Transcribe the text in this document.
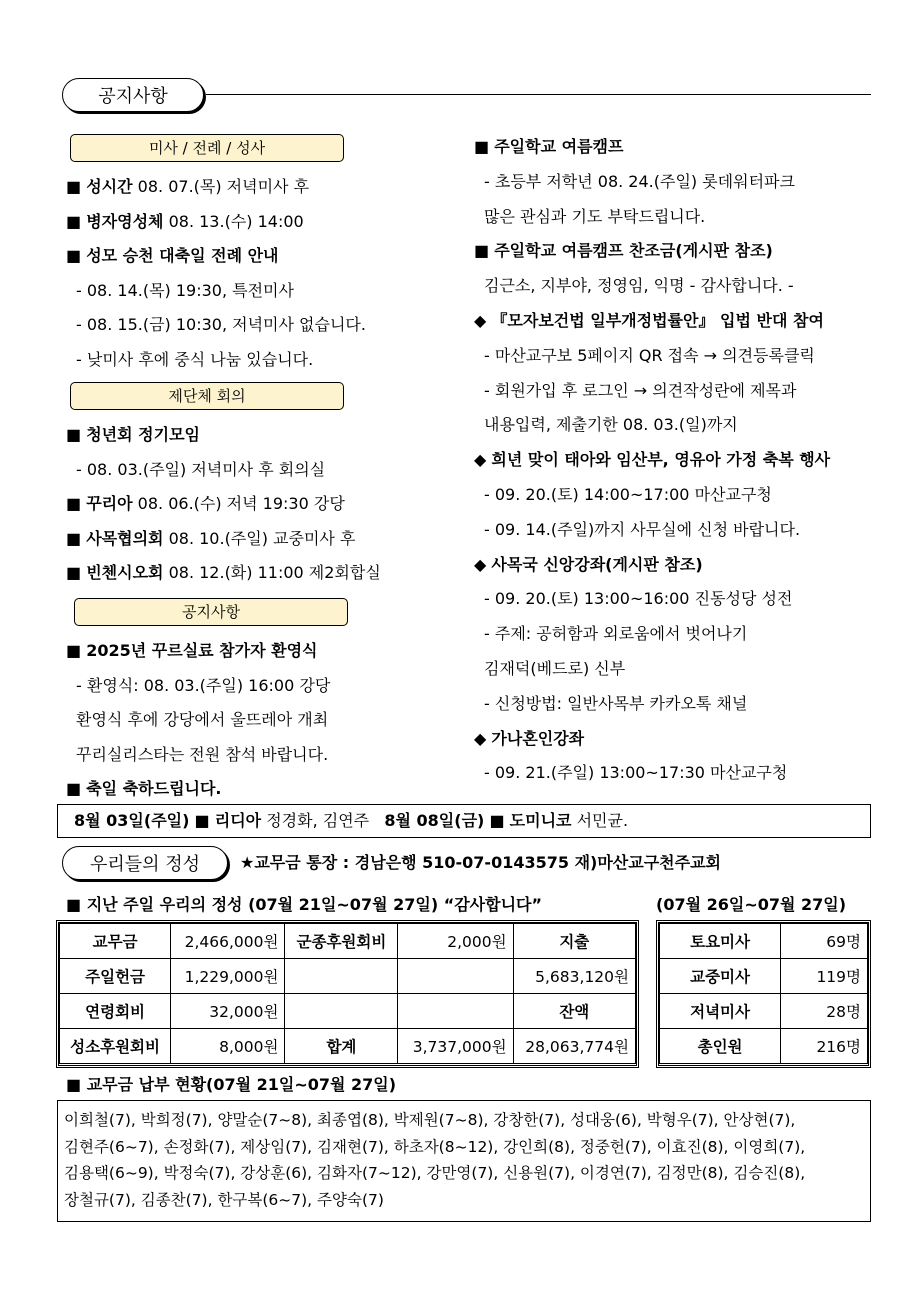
공지사항
미사 / 전례 / 성사
■ 성시간 08. 07.(목) 저녁미사 후
■ 병자영성체 08. 13.(수) 14:00
■ 성모 승천 대축일 전례 안내
- 08. 14.(목) 19:30, 특전미사
- 08. 15.(금) 10:30, 저녁미사 없습니다.
- 낮미사 후에 중식 나눔 있습니다.
제단체 회의
■ 청년회 정기모임
- 08. 03.(주일) 저녁미사 후 회의실
■ 꾸리아 08. 06.(수) 저녁 19:30 강당
■ 사목협의회 08. 10.(주일) 교중미사 후
■ 빈첸시오회 08. 12.(화) 11:00 제2회합실
공지사항
■ 2025년 꾸르실료 참가자 환영식
- 환영식: 08. 03.(주일) 16:00 강당
환영식 후에 강당에서 울뜨레아 개최
꾸리실리스타는 전원 참석 바랍니다.
■ 축일 축하드립니다.
■ 주일학교 여름캠프
- 초등부 저학년 08. 24.(주일) 롯데워터파크
많은 관심과 기도 부탁드립니다.
■ 주일학교 여름캠프 찬조금(게시판 참조)
김근소, 지부야, 정영임, 익명 - 감사합니다. -
◆ 『모자보건법 일부개정법률안』 입법 반대 참여
- 마산교구보 5페이지 QR 접속 → 의견등록클릭
- 회원가입 후 로그인 → 의견작성란에 제목과
내용입력, 제출기한 08. 03.(일)까지
◆ 희년 맞이 태아와 임산부, 영유아 가정 축복 행사
- 09. 20.(토) 14:00~17:00 마산교구청
- 09. 14.(주일)까지 사무실에 신청 바랍니다.
◆ 사목국 신앙강좌(게시판 참조)
- 09. 20.(토) 13:00~16:00 진동성당 성전
- 주제: 공허함과 외로움에서 벗어나기
김재덕(베드로) 신부
- 신청방법: 일반사목부 카카오톡 채널
◆ 가나혼인강좌
- 09. 21.(주일) 13:00~17:30 마산교구청
8월 03일(주일) ■ 리디아 정경화, 김연주 8월 08일(금) ■ 도미니코 서민균.
우리들의 정성 ★교무금 통장 : 경남은행 510-07-0143575 재)마산교구천주교회
■ 지난 주일 우리의 정성 (07월 21일~07월 27일) “감사합니다”	(07월 26일~07월 27일)
교무금	2,466,000원	군종후원회비	2,000원	지출
주일헌금	1,229,000원			5,683,120원
연령회비	32,000원			잔액
성소후원회비	8,000원	합계	3,737,000원	28,063,774원
토요미사	69명
교중미사	119명
저녁미사	28명
총인원	216명
■ 교무금 납부 현황(07월 21일~07월 27일)
이희철(7), 박희정(7), 양말순(7~8), 최종엽(8), 박제원(7~8), 강창한(7), 성대웅(6), 박형우(7), 안상현(7),
김현주(6~7), 손정화(7), 제상임(7), 김재현(7), 하초자(8~12), 강인희(8), 정중헌(7), 이효진(8), 이영희(7),
김용택(6~9), 박정숙(7), 강상훈(6), 김화자(7~12), 강만영(7), 신용원(7), 이경연(7), 김정만(8), 김승진(8),
장철규(7), 김종찬(7), 한구복(6~7), 주양숙(7)
